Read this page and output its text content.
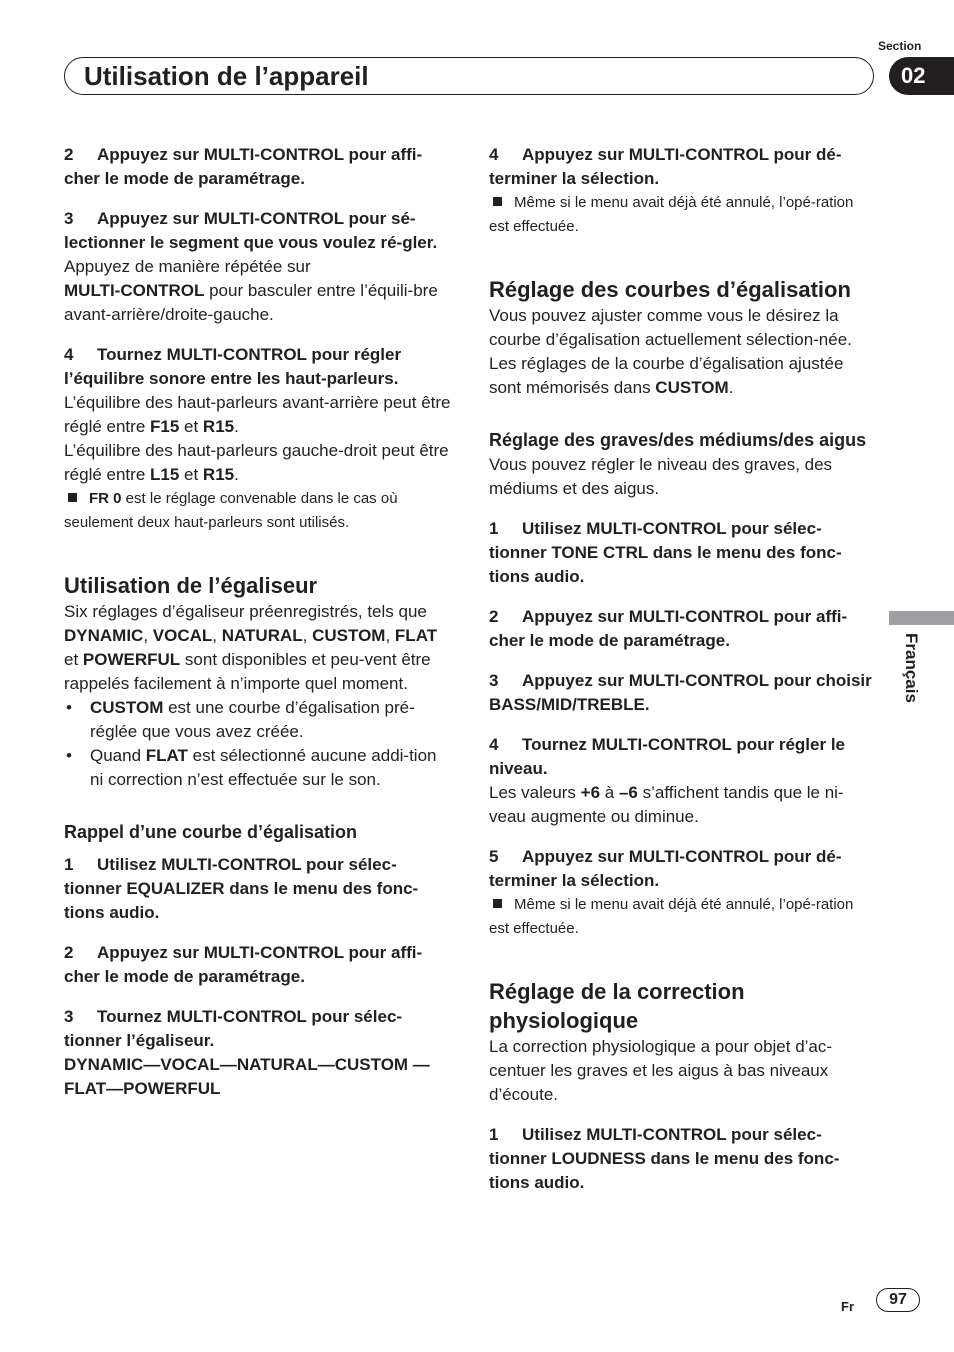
Section
02
Utilisation de l’appareil

2 Appuyez sur MULTI-CONTROL pour affi-cher le mode de paramétrage.

3 Appuyez sur MULTI-CONTROL pour sé-lectionner le segment que vous voulez ré-gler.

Appuyez de manière répétée sur
MULTI-CONTROL pour basculer entre l’équili-bre avant-arrière/droite-gauche.

4 Tournez MULTI-CONTROL pour régler l’équilibre sonore entre les haut-parleurs.

L’équilibre des haut-parleurs avant-arrière peut être réglé entre F15 et R15.

L’équilibre des haut-parleurs gauche-droit peut être réglé entre L15 et R15.

FR 0 est le réglage convenable dans le cas où seulement deux haut-parleurs sont utilisés.

Utilisation de l’égaliseur

Six réglages d’égaliseur préenregistrés, tels que DYNAMIC, VOCAL, NATURAL, CUSTOM, FLAT et POWERFUL sont disponibles et peu-vent être rappelés facilement à n’importe quel moment.

• CUSTOM est une courbe d’égalisation pré-réglée que vous avez créée.

• Quand FLAT est sélectionné aucune addi-tion ni correction n’est effectuée sur le son.

Rappel d’une courbe d’égalisation

1 Utilisez MULTI-CONTROL pour sélec-tionner EQUALIZER dans le menu des fonc-tions audio.

2 Appuyez sur MULTI-CONTROL pour affi-cher le mode de paramétrage.

3 Tournez MULTI-CONTROL pour sélec-tionner l’égaliseur.

DYNAMIC—VOCAL—NATURAL—CUSTOM —FLAT—POWERFUL

4 Appuyez sur MULTI-CONTROL pour dé-terminer la sélection.

Même si le menu avait déjà été annulé, l’opé-ration est effectuée.

Réglage des courbes d’égalisation

Vous pouvez ajuster comme vous le désirez la courbe d’égalisation actuellement sélection-née. Les réglages de la courbe d’égalisation ajustée sont mémorisés dans CUSTOM.

Réglage des graves/des médiums/des aigus

Vous pouvez régler le niveau des graves, des médiums et des aigus.

1 Utilisez MULTI-CONTROL pour sélec-tionner TONE CTRL dans le menu des fonc-tions audio.

2 Appuyez sur MULTI-CONTROL pour affi-cher le mode de paramétrage.

3 Appuyez sur MULTI-CONTROL pour choisir BASS/MID/TREBLE.

4 Tournez MULTI-CONTROL pour régler le niveau.

Les valeurs +6 à –6 s’affichent tandis que le ni-veau augmente ou diminue.

5 Appuyez sur MULTI-CONTROL pour dé-terminer la sélection.

Même si le menu avait déjà été annulé, l’opé-ration est effectuée.

Réglage de la correction physiologique

La correction physiologique a pour objet d’ac-centuer les graves et les aigus à bas niveaux d’écoute.

1 Utilisez MULTI-CONTROL pour sélec-tionner LOUDNESS dans le menu des fonc-tions audio.

Français
Fr	97
